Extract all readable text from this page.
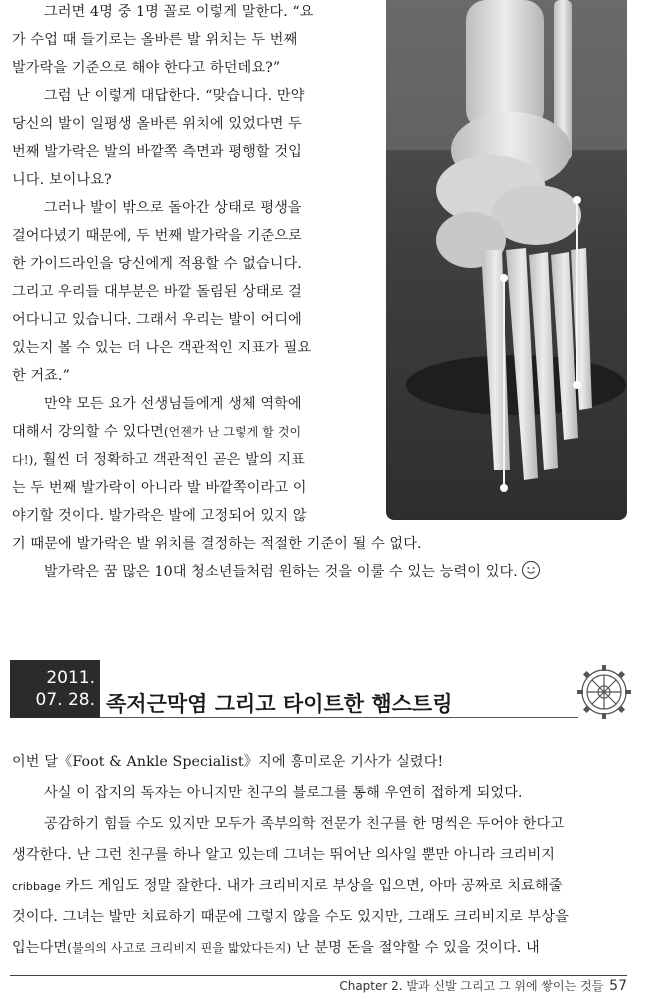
그러면 4명 중 1명 꼴로 이렇게 말한다. “요
가 수업 때 들기로는 올바른 발 위치는 두 번째
발가락을 기준으로 해야 한다고 하던데요?”
그럼 난 이렇게 대답한다. “맞습니다. 만약
당신의 발이 일평생 올바른 위치에 있었다면 두
번째 발가락은 발의 바깥쪽 측면과 평행할 것입
니다. 보이나요?
그러나 발이 밖으로 돌아간 상태로 평생을
걸어다녔기 때문에, 두 번째 발가락을 기준으로
한 가이드라인을 당신에게 적용할 수 없습니다.
그리고 우리들 대부분은 바깥 돌림된 상태로 걸
어다니고 있습니다. 그래서 우리는 발이 어디에
있는지 볼 수 있는 더 나은 객관적인 지표가 필요
한 거죠.”
만약 모든 요가 선생님들에게 생체 역학에
대해서 강의할 수 있다면(언젠가 난 그렇게 할 것이
다!), 훨씬 더 정확하고 객관적인 곧은 발의 지표
는 두 번째 발가락이 아니라 발 바깥쪽이라고 이
야기할 것이다. 발가락은 발에 고정되어 있지 않
기 때문에 발가락은 발 위치를 결정하는 적절한 기준이 될 수 없다.
발가락은 꿈 많은 10대 청소년들처럼 원하는 것을 이룰 수 있는 능력이 있다.
2011.
07. 28. 족저근막염 그리고 타이트한 햄스트링
이번 달《Foot & Ankle Specialist》지에 흥미로운 기사가 실렸다!
사실 이 잡지의 독자는 아니지만 친구의 블로그를 통해 우연히 접하게 되었다.
공감하기 힘들 수도 있지만 모두가 족부의학 전문가 친구를 한 명씩은 두어야 한다고
생각한다. 난 그런 친구를 하나 알고 있는데 그녀는 뛰어난 의사일 뿐만 아니라 크리비지
cribbage 카드 게임도 정말 잘한다. 내가 크리비지로 부상을 입으면, 아마 공짜로 치료해줄
것이다. 그녀는 발만 치료하기 때문에 그렇지 않을 수도 있지만, 그래도 크리비지로 부상을
입는다면(불의의 사고로 크리비지 핀을 밟았다든지) 난 분명 돈을 절약할 수 있을 것이다. 내
Chapter 2. 발과 신발 그리고 그 위에 쌓이는 것들 57
